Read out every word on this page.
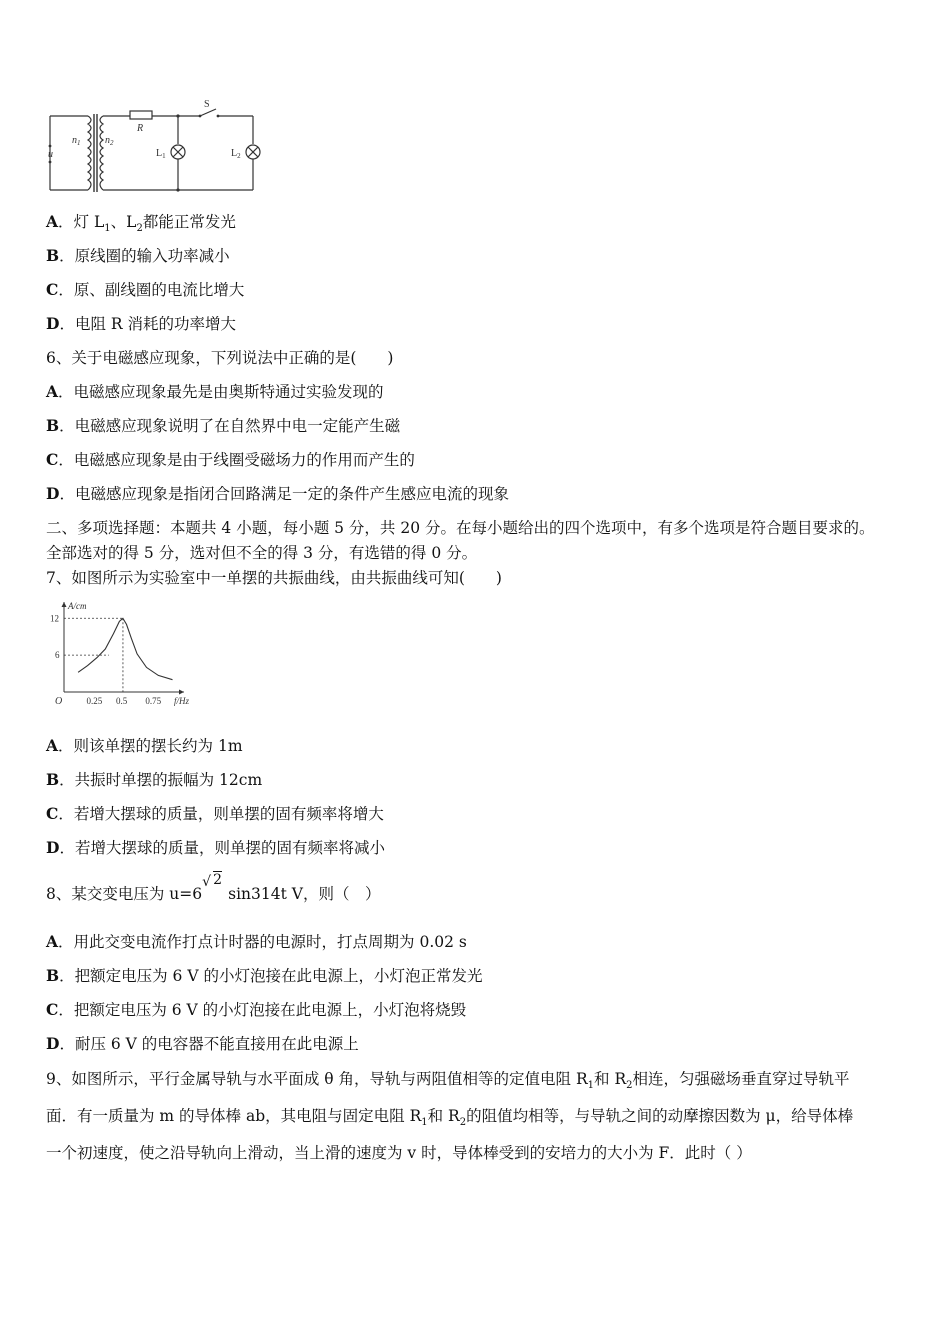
$n_1$ $n_2$
R
S
u	$L_1$	$L_2$
A．灯 $L_1$、$L_2$都能正常发光
B．原线圈的输入功率减小
C．原、副线圈的电流比增大
D．电阻 R 消耗的功率增大
6、关于电磁感应现象，下列说法中正确的是(　　)
A．电磁感应现象最先是由奥斯特通过实验发现的
B．电磁感应现象说明了在自然界中电一定能产生磁
C．电磁感应现象是由于线圈受磁场力的作用而产生的
D．电磁感应现象是指闭合回路满足一定的条件产生感应电流的现象
二、多项选择题：本题共 4 小题，每小题 5 分，共 20 分。在每小题给出的四个选项中，有多个选项是符合题目要求的。
全部选对的得 5 分，选对但不全的得 3 分，有选错的得 0 分。
7、如图所示为实验室中一单摆的共振曲线，由共振曲线可知(　　)
0.25 0.5 0.75
6
12
O
A/cm
f/Hz
A．则该单摆的摆长约为 1m
B．共振时单摆的振幅为 12cm
C．若增大摆球的质量，则单摆的固有频率将增大
D．若增大摆球的质量，则单摆的固有频率将减小
8、某交变电压为 u=6
√ 2
sin314t V，则（　）
A．用此交变电流作打点计时器的电源时，打点周期为 0.02 s
B．把额定电压为 6 V 的小灯泡接在此电源上，小灯泡正常发光
C．把额定电压为 6 V 的小灯泡接在此电源上，小灯泡将烧毁
D．耐压 6 V 的电容器不能直接用在此电源上
9、如图所示，平行金属导轨与水平面成 θ 角，导轨与两阻值相等的定值电阻 $R_1$和 $R_2$相连，匀强磁场垂直穿过导轨平
面．有一质量为 m 的导体棒 ab，其电阻与固定电阻 $R_1$和 $R_2$的阻值均相等，与导轨之间的动摩擦因数为 μ，给导体棒
一个初速度，使之沿导轨向上滑动，当上滑的速度为 v 时，导体棒受到的安培力的大小为 F．此时（ ）
